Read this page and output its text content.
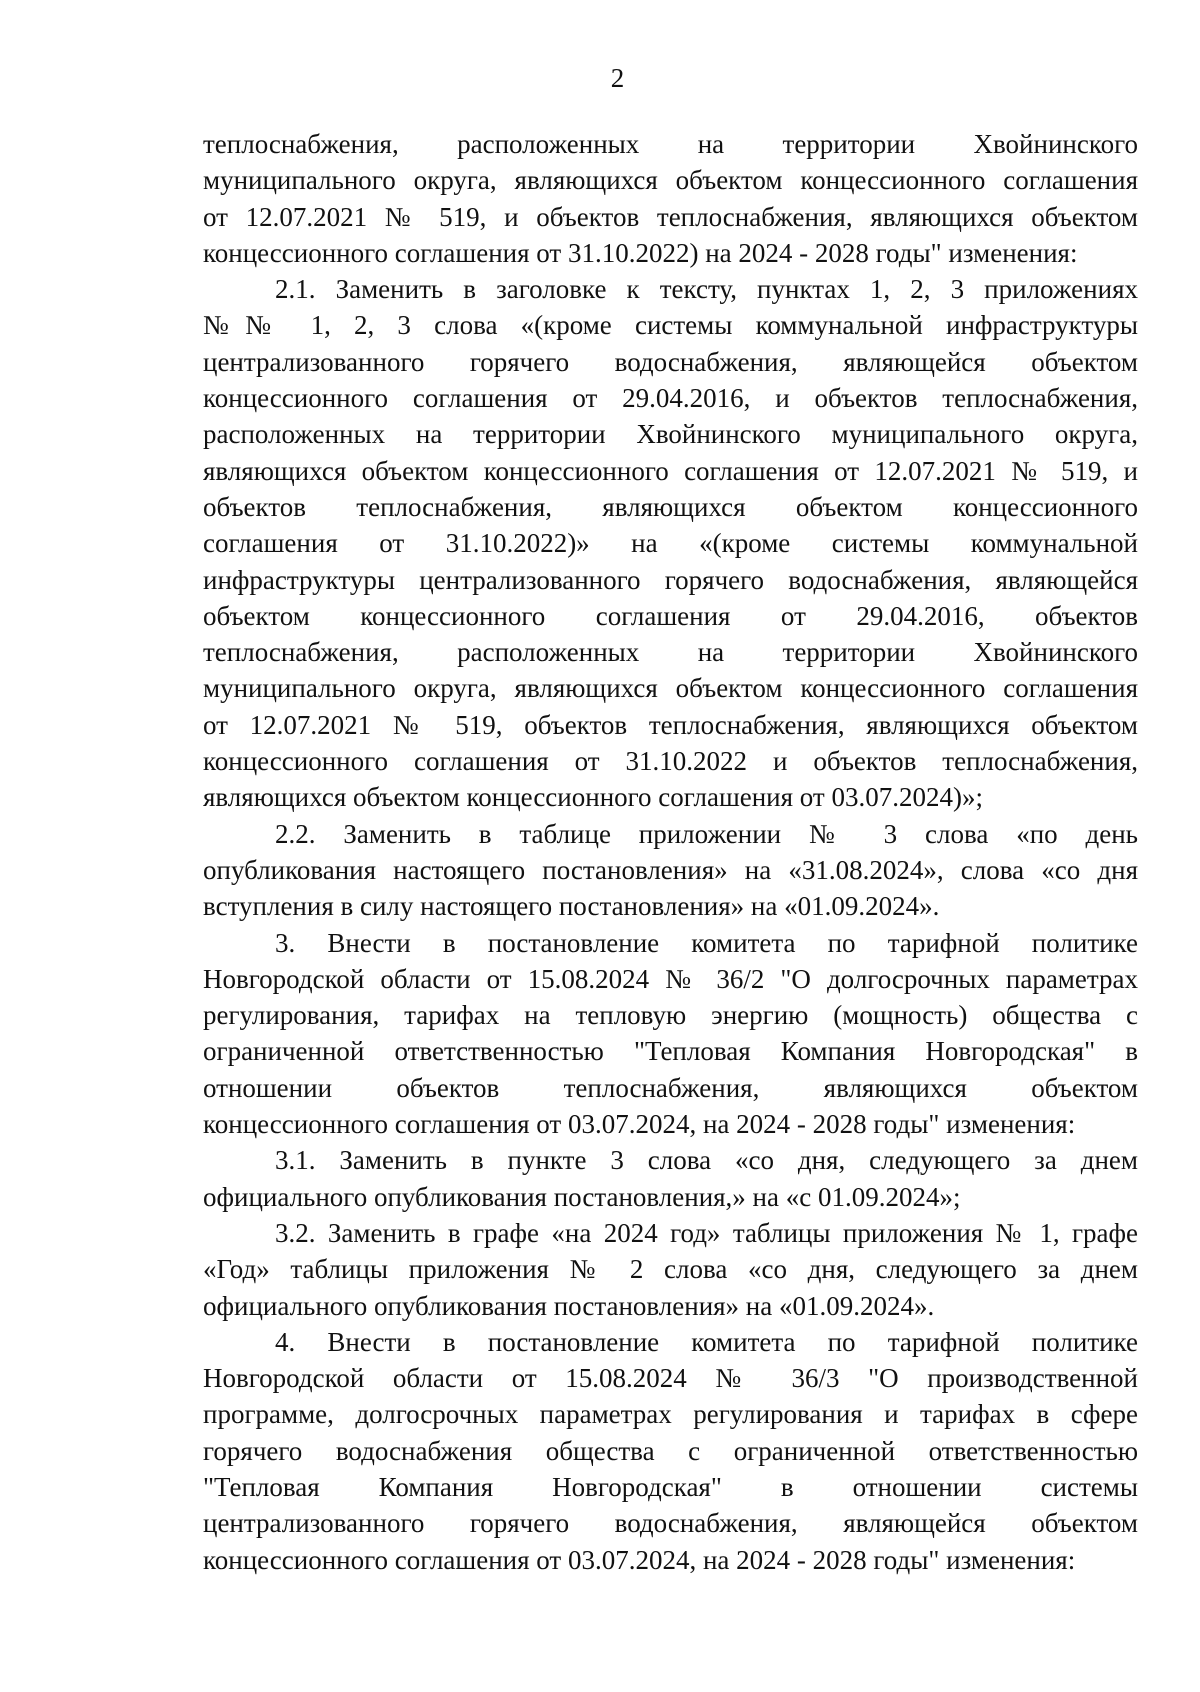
2

теплоснабжения, расположенных на территории Хвойнинского
муниципального округа, являющихся объектом концессионного соглашения
от 12.07.2021 № 519, и объектов теплоснабжения, являющихся объектом
концессионного соглашения от 31.10.2022) на 2024 - 2028 годы" изменения:

2.1. Заменить в заголовке к тексту, пунктах 1, 2, 3 приложениях
№№ 1, 2, 3 слова «(кроме системы коммунальной инфраструктуры
централизованного горячего водоснабжения, являющейся объектом
концессионного соглашения от 29.04.2016, и объектов теплоснабжения,
расположенных на территории Хвойнинского муниципального округа,
являющихся объектом концессионного соглашения от 12.07.2021 № 519, и
объектов теплоснабжения, являющихся объектом концессионного
соглашения от 31.10.2022)» на «(кроме системы коммунальной
инфраструктуры централизованного горячего водоснабжения, являющейся
объектом концессионного соглашения от 29.04.2016, объектов
теплоснабжения, расположенных на территории Хвойнинского
муниципального округа, являющихся объектом концессионного соглашения
от 12.07.2021 № 519, объектов теплоснабжения, являющихся объектом
концессионного соглашения от 31.10.2022 и объектов теплоснабжения,
являющихся объектом концессионного соглашения от 03.07.2024)»;

2.2. Заменить в таблице приложении № 3 слова «по день
опубликования настоящего постановления» на «31.08.2024», слова «со дня
вступления в силу настоящего постановления» на «01.09.2024».

3. Внести в постановление комитета по тарифной политике
Новгородской области от 15.08.2024 № 36/2 "О долгосрочных параметрах
регулирования, тарифах на тепловую энергию (мощность) общества с
ограниченной ответственностью "Тепловая Компания Новгородская" в
отношении объектов теплоснабжения, являющихся объектом
концессионного соглашения от 03.07.2024, на 2024 - 2028 годы" изменения:

3.1. Заменить в пункте 3 слова «со дня, следующего за днем
официального опубликования постановления,» на «с 01.09.2024»;

3.2. Заменить в графе «на 2024 год» таблицы приложения № 1, графе
«Год» таблицы приложения № 2 слова «со дня, следующего за днем
официального опубликования постановления» на «01.09.2024».

4. Внести в постановление комитета по тарифной политике
Новгородской области от 15.08.2024 № 36/3 "О производственной
программе, долгосрочных параметрах регулирования и тарифах в сфере
горячего водоснабжения общества с ограниченной ответственностью
"Тепловая Компания Новгородская" в отношении системы
централизованного горячего водоснабжения, являющейся объектом
концессионного соглашения от 03.07.2024, на 2024 - 2028 годы" изменения:
